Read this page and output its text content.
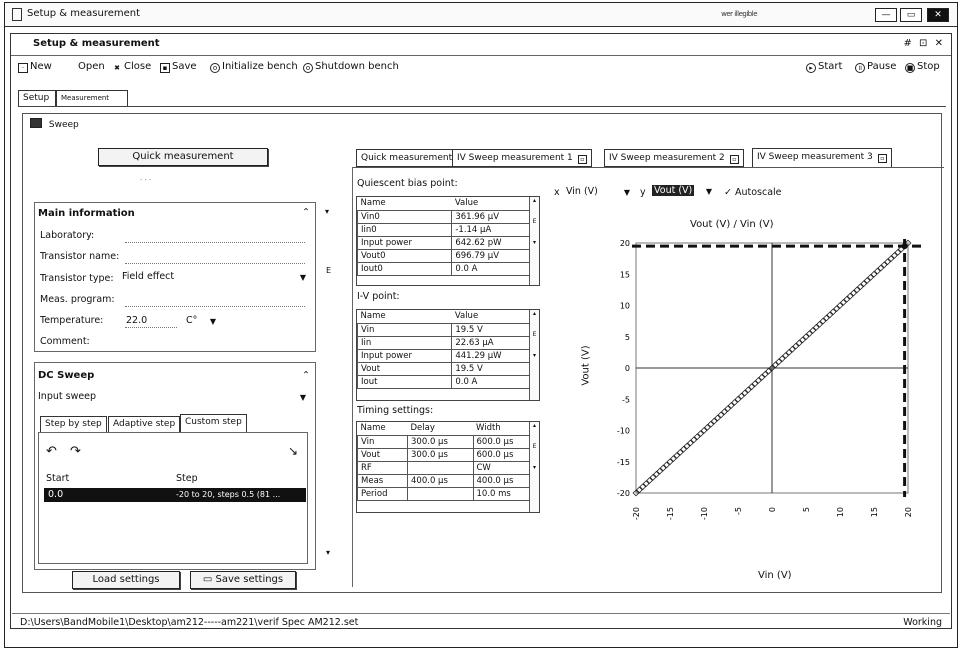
Setup & measurement	wer illegible	—	▭	✕
Setup & measurement	# ⊡ ✕
· New	Open ✖ Close	▪ Save	o Initialize bench	o Shutdown bench	▸ Start	॥ Pause ■ Stop
Setup	Measurement
Sweep
Quick measurement
· · ·
Main information	⌃ ▾
Laboratory:
Transistor name:
Transistor type: Field effect	▼
E
Meas. program:
Temperature: 22.0	C° ▼
Comment:
DC Sweep	⌃
Input sweep	▼
Step by step	Adaptive step	Custom step
↶ ↷	↘
Start	Step
0.0	-20 to 20, steps 0.5 (81 ...
▾
Load settings	▭ Save settings
Quick measurement IV Sweep measurement 1 ▫	IV Sweep measurement 2 ▫	IV Sweep measurement 3 ▫
Quiescent bias point:
Name	Value
Vin0	361.96 μV
Iin0	-1.14 μA
Input power	642.62 pW
Vout0	696.79 μV
Iout0	0.0 A
▴

E

▾
I-V point:
Name	Value
Vin	19.5 V
Iin	22.63 μA
Input power	441.29 μW
Vout	19.5 V
Iout	0.0 A
▴

E

▾
Timing settings:
Name	Delay	Width
Vin	300.0 μs	600.0 μs
Vout	300.0 μs	600.0 μs
RF		CW
Meas	400.0 μs	400.0 μs
Period		10.0 ms
▴

E

▾
x Vin (V)	▼ y Vout (V) ▼ ✓ Autoscale
Vout (V) / Vin (V)
Vout (V)
Vin (V)
20
15
10
5
0
-5
-10
-15
-20
-20	-15	-10	-5	0	5	10	15	20
D:\Users\BandMobile1\Desktop\am212-----am221\verif Spec AM212.set	Working
